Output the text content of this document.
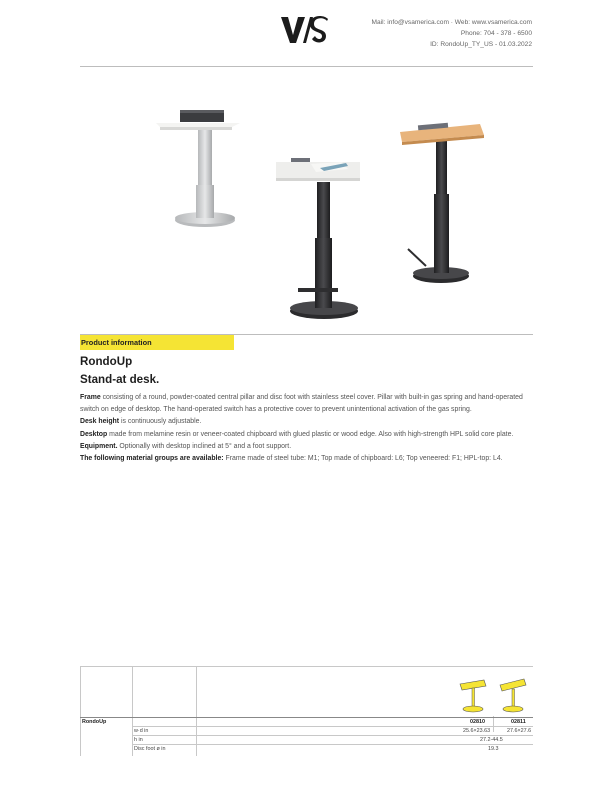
Mail: info@vsamerica.com · Web: www.vsamerica.com
Phone: 704 - 378 - 6500
ID: RondoUp_TY_US - 01.03.2022
Product information
RondoUp
Stand-at desk.

Frame consisting of a round, powder-coated central pillar and disc foot with stainless steel cover. Pillar with built-in gas spring and hand-operated switch on edge of desktop. The hand-operated switch has a protective cover to prevent unintentional activation of the gas spring.

Desk height is continuously adjustable.

Desktop made from melamine resin or veneer-coated chipboard with glued plastic or wood edge. Also with high-strength HPL solid core plate.

Equipment. Optionally with desktop inclined at 5° and a foot support.

The following material groups are available: Frame made of steel tube: M1; Top made of chipboard: L6; Top veneered: F1; HPL-top: L4.

RondoUp	02810	02811
w·d in	25.6×23.63	27.6×27.6
h in	27.2-44.5
Disc foot ø in	19.3
